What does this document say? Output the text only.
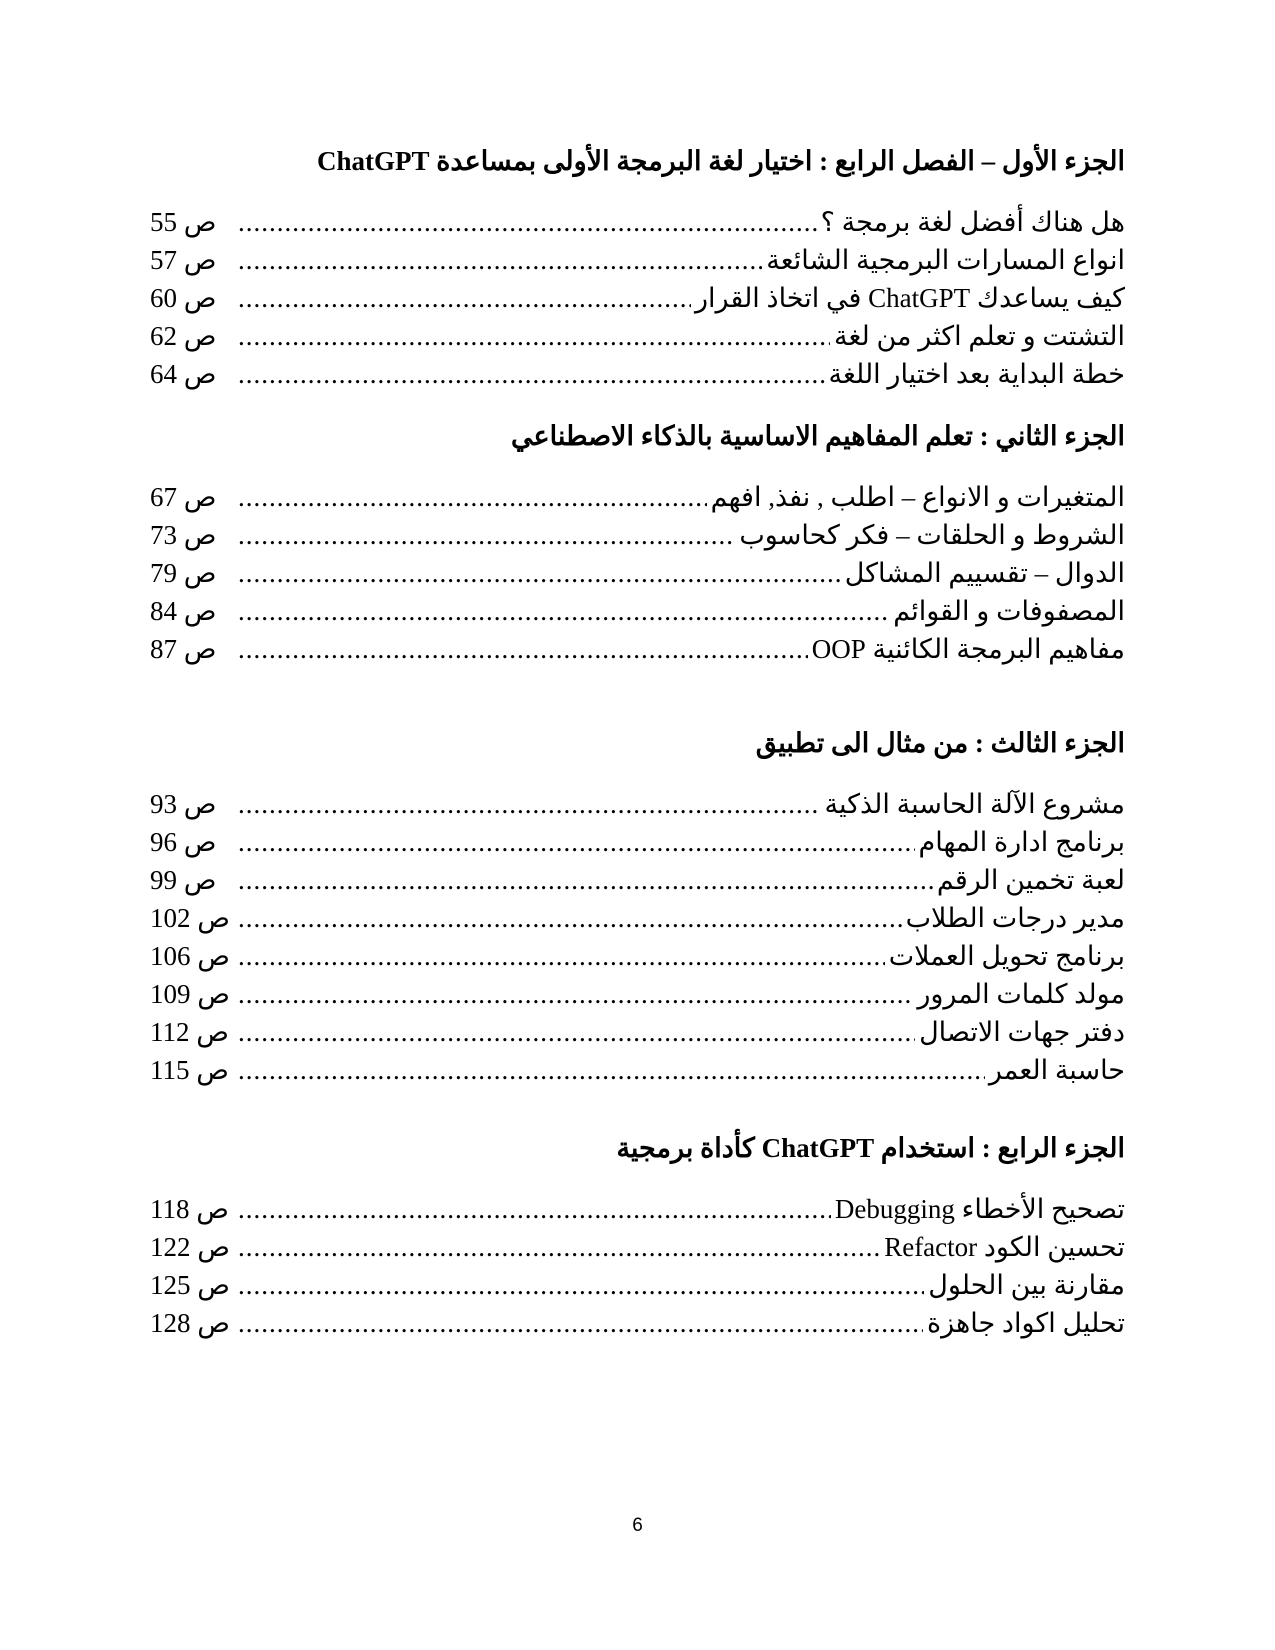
الجزء الأول – الفصل الرابع : اختيار لغة البرمجة الأولى بمساعدة ChatGPT
هل هناك أفضل لغة برمجة ؟
.....
ص 55
انواع المسارات البرمجية الشائعة
.....
ص 57
كيف يساعدك ChatGPT في اتخاذ القرار
.....
ص 60
التشتت و تعلم اكثر من لغة
.....
ص 62
خطة البداية بعد اختيار اللغة
.....
ص 64
الجزء الثاني : تعلم المفاهيم الاساسية بالذكاء الاصطناعي
المتغيرات و الانواع – اطلب , نفذ, افهم
.....
ص 67
الشروط و الحلقات – فكر كحاسوب
.....
ص 73
الدوال – تقسييم المشاكل
.....
ص 79
المصفوفات و القوائم
.....
ص 84
مفاهيم البرمجة الكائنية OOP
.....
ص 87
الجزء الثالث : من مثال الى تطبيق
مشروع الآلة الحاسبة الذكية
.....
ص 93
برنامج ادارة المهام
.....
ص 96
لعبة تخمين الرقم
.....
ص 99
مدير درجات الطلاب
.....
ص 102
برنامج تحويل العملات
.....
ص 106
مولد كلمات المرور
.....
ص 109
دفتر جهات الاتصال
.....
ص 112
حاسبة العمر
.....
ص 115
الجزء الرابع : استخدام ChatGPT كأداة برمجية
تصحيح الأخطاء Debugging
.....
ص 118
تحسين الكود Refactor
.....
ص 122
مقارنة بين الحلول
.....
ص 125
تحليل اكواد جاهزة
.....
ص 128
6
